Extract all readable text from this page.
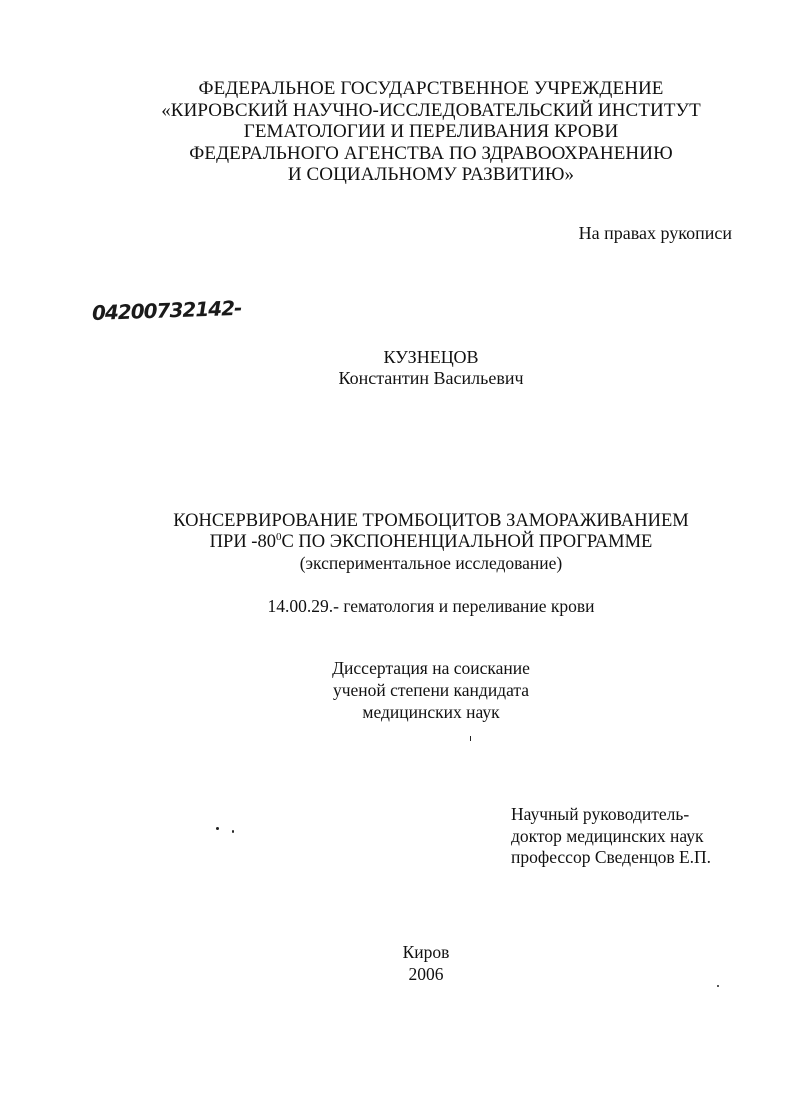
ФЕДЕРАЛЬНОЕ ГОСУДАРСТВЕННОЕ УЧРЕЖДЕНИЕ
«КИРОВСКИЙ НАУЧНО-ИССЛЕДОВАТЕЛЬСКИЙ ИНСТИТУТ
ГЕМАТОЛОГИИ И ПЕРЕЛИВАНИЯ КРОВИ
ФЕДЕРАЛЬНОГО АГЕНСТВА ПО ЗДРАВООХРАНЕНИЮ
И СОЦИАЛЬНОМУ РАЗВИТИЮ»
На правах рукописи
04200732142-
КУЗНЕЦОВ
Константин Васильевич
КОНСЕРВИРОВАНИЕ ТРОМБОЦИТОВ ЗАМОРАЖИВАНИЕМ
ПРИ $-80^0С$ ПО ЭКСПОНЕНЦИАЛЬНОЙ ПРОГРАММЕ
(экспериментальное исследование)
14.00.29.- гематология и переливание крови
Диссертация на соискание
ученой степени кандидата
медицинских наук
Научный руководитель-
доктор медицинских наук
профессор Сведенцов Е.П.
Киров
2006
